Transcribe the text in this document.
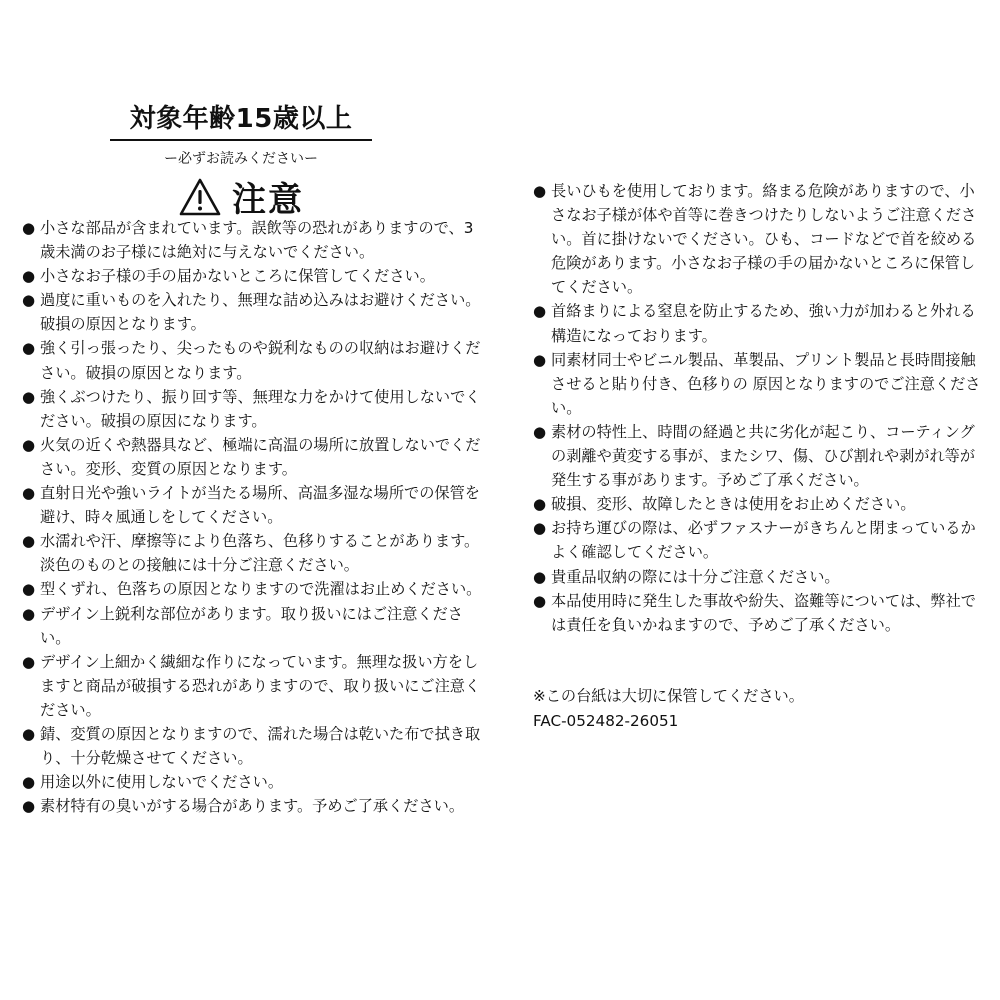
対象年齢15歳以上
ー必ずお読みくださいー
注意
● 小さな部品が含まれています。誤飲等の恐れがありますので、3歳未満のお子様には絶対に与えないでください。
● 小さなお子様の手の届かないところに保管してください。
● 過度に重いものを入れたり、無理な詰め込みはお避けください。破損の原因となります。
● 強く引っ張ったり、尖ったものや鋭利なものの収納はお避けください。破損の原因となります。
● 強くぶつけたり、振り回す等、無理な力をかけて使用しないでください。破損の原因になります。
● 火気の近くや熱器具など、極端に高温の場所に放置しないでください。変形、変質の原因となります。
● 直射日光や強いライトが当たる場所、高温多湿な場所での保管を避け、時々風通しをしてください。
● 水濡れや汗、摩擦等により色落ち、色移りすることがあります。淡色のものとの接触には十分ご注意ください。
● 型くずれ、色落ちの原因となりますので洗濯はお止めください。
● デザイン上鋭利な部位があります。取り扱いにはご注意ください。
● デザイン上細かく繊細な作りになっています。無理な扱い方をしますと商品が破損する恐れがありますので、取り扱いにご注意ください。
● 錆、変質の原因となりますので、濡れた場合は乾いた布で拭き取り、十分乾燥させてください。
● 用途以外に使用しないでください。
● 素材特有の臭いがする場合があります。予めご了承ください。
● 長いひもを使用しております。絡まる危険がありますので、小さなお子様が体や首等に巻きつけたりしないようご注意ください。首に掛けないでください。ひも、コードなどで首を絞める危険があります。小さなお子様の手の届かないところに保管してください。
● 首絡まりによる窒息を防止するため、強い力が加わると外れる構造になっております。
● 同素材同士やビニル製品、革製品、プリント製品と長時間接触させると貼り付き、色移りの 原因となりますのでご注意ください。
● 素材の特性上、時間の経過と共に劣化が起こり、コーティングの剥離や黄変する事が、またシワ、傷、ひび割れや剥がれ等が発生する事があります。予めご了承ください。
● 破損、変形、故障したときは使用をお止めください。
● お持ち運びの際は、必ずファスナーがきちんと閉まっているかよく確認してください。
● 貴重品収納の際には十分ご注意ください。
● 本品使用時に発生した事故や紛失、盗難等については、弊社では責任を負いかねますので、予めご了承ください。
※この台紙は大切に保管してください。
FAC-052482-26051
